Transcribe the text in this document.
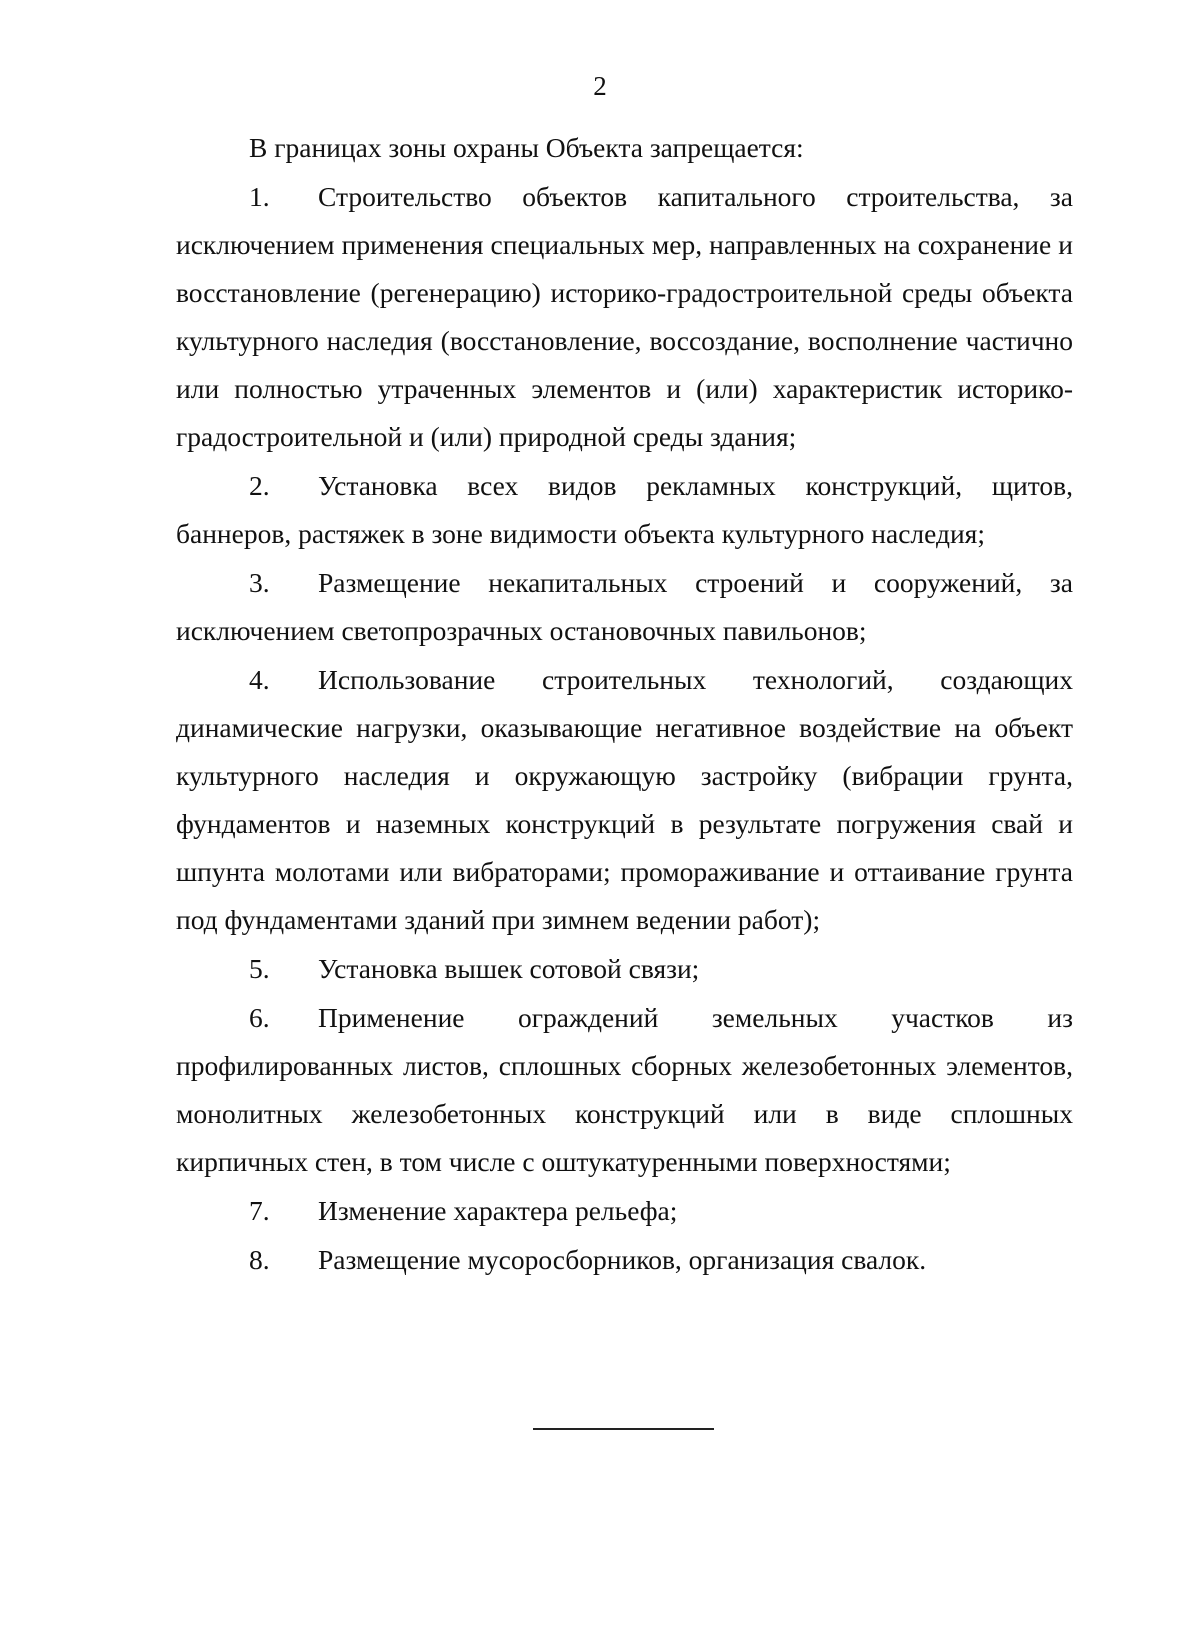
2

В границах зоны охраны Объекта запрещается:

1. Строительство объектов капитального строительства, за исключением применения специальных мер, направленных на сохранение и восстановление (регенерацию) историко-градостроительной среды объекта культурного наследия (восстановление, воссоздание, восполнение частично или полностью утраченных элементов и (или) характеристик историко-градостроительной и (или) природной среды здания;

2. Установка всех видов рекламных конструкций, щитов, баннеров, растяжек в зоне видимости объекта культурного наследия;

3. Размещение некапитальных строений и сооружений, за исключением светопрозрачных остановочных павильонов;

4. Использование строительных технологий, создающих динамические нагрузки, оказывающие негативное воздействие на объект культурного наследия и окружающую застройку (вибрации грунта, фундаментов и наземных конструкций в результате погружения свай и шпунта молотами или вибраторами; промораживание и оттаивание грунта под фундаментами зданий при зимнем ведении работ);

5. Установка вышек сотовой связи;

6. Применение ограждений земельных участков из профилированных листов, сплошных сборных железобетонных элементов, монолитных железобетонных конструкций или в виде сплошных кирпичных стен, в том числе с оштукатуренными поверхностями;

7. Изменение характера рельефа;

8. Размещение мусоросборников, организация свалок.
